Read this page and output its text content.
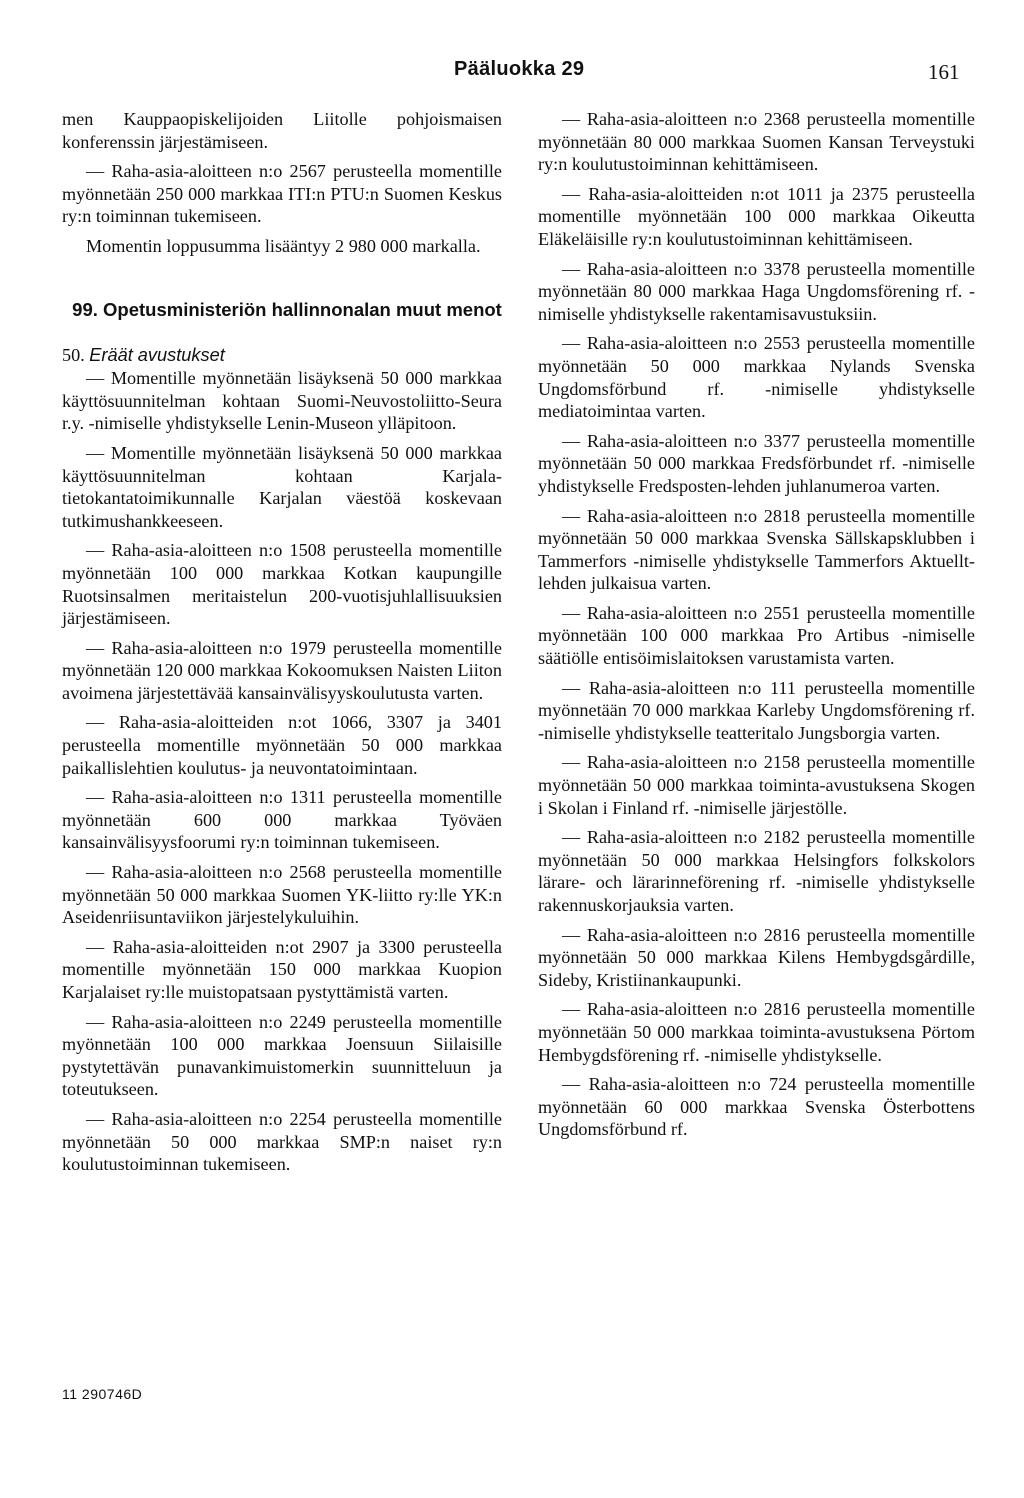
Pääluokka 29	161

men Kauppaopiskelijoiden Liitolle pohjoismaisen konferenssin järjestämiseen.

— Raha-asia-aloitteen n:o 2567 perusteella momentille myönnetään 250 000 markkaa ITI:n PTU:n Suomen Keskus ry:n toiminnan tukemiseen.

Momentin loppusumma lisääntyy 2 980 000 markalla.

99. Opetusministeriön hallinnonalan muut menot
50. Eräät avustukset

— Momentille myönnetään lisäyksenä 50 000 markkaa käyttösuunnitelman kohtaan Suomi-Neuvostoliitto-Seura r.y. -nimiselle yhdistykselle Lenin-Museon ylläpitoon.

— Momentille myönnetään lisäyksenä 50 000 markkaa käyttösuunnitelman kohtaan Karjala-tietokantatoimikunnalle Karjalan väestöä koskevaan tutkimushankkeeseen.

— Raha-asia-aloitteen n:o 1508 perusteella momentille myönnetään 100 000 markkaa Kotkan kaupungille Ruotsinsalmen meritaistelun 200-vuotisjuhlallisuuksien järjestämiseen.

— Raha-asia-aloitteen n:o 1979 perusteella momentille myönnetään 120 000 markkaa Kokoomuksen Naisten Liiton avoimena järjestettävää kansainvälisyyskoulutusta varten.

— Raha-asia-aloitteiden n:ot 1066, 3307 ja 3401 perusteella momentille myönnetään 50 000 markkaa paikallislehtien koulutus- ja neuvontatoimintaan.

— Raha-asia-aloitteen n:o 1311 perusteella momentille myönnetään 600 000 markkaa Työväen kansainvälisyysfoorumi ry:n toiminnan tukemiseen.

— Raha-asia-aloitteen n:o 2568 perusteella momentille myönnetään 50 000 markkaa Suomen YK-liitto ry:lle YK:n Aseidenriisuntaviikon järjestelykuluihin.

— Raha-asia-aloitteiden n:ot 2907 ja 3300 perusteella momentille myönnetään 150 000 markkaa Kuopion Karjalaiset ry:lle muistopatsaan pystyttämistä varten.

— Raha-asia-aloitteen n:o 2249 perusteella momentille myönnetään 100 000 markkaa Joensuun Siilaisille pystytettävän punavankimuistomerkin suunnitteluun ja toteutukseen.

— Raha-asia-aloitteen n:o 2254 perusteella momentille myönnetään 50 000 markkaa SMP:n naiset ry:n koulutustoiminnan tukemiseen.

— Raha-asia-aloitteen n:o 2368 perusteella momentille myönnetään 80 000 markkaa Suomen Kansan Terveystuki ry:n koulutustoiminnan kehittämiseen.

— Raha-asia-aloitteiden n:ot 1011 ja 2375 perusteella momentille myönnetään 100 000 markkaa Oikeutta Eläkeläisille ry:n koulutustoiminnan kehittämiseen.

— Raha-asia-aloitteen n:o 3378 perusteella momentille myönnetään 80 000 markkaa Haga Ungdomsförening rf. -nimiselle yhdistykselle rakentamisavustuksiin.

— Raha-asia-aloitteen n:o 2553 perusteella momentille myönnetään 50 000 markkaa Nylands Svenska Ungdomsförbund rf. -nimiselle yhdistykselle mediatoimintaa varten.

— Raha-asia-aloitteen n:o 3377 perusteella momentille myönnetään 50 000 markkaa Fredsförbundet rf. -nimiselle yhdistykselle Fredsposten-lehden juhlanumeroa varten.

— Raha-asia-aloitteen n:o 2818 perusteella momentille myönnetään 50 000 markkaa Svenska Sällskapsklubben i Tammerfors -nimiselle yhdistykselle Tammerfors Aktuellt-lehden julkaisua varten.

— Raha-asia-aloitteen n:o 2551 perusteella momentille myönnetään 100 000 markkaa Pro Artibus -nimiselle säätiölle entisöimislaitoksen varustamista varten.

— Raha-asia-aloitteen n:o 111 perusteella momentille myönnetään 70 000 markkaa Karleby Ungdomsförening rf. -nimiselle yhdistykselle teatteritalo Jungsborgia varten.

— Raha-asia-aloitteen n:o 2158 perusteella momentille myönnetään 50 000 markkaa toiminta-avustuksena Skogen i Skolan i Finland rf. -nimiselle järjestölle.

— Raha-asia-aloitteen n:o 2182 perusteella momentille myönnetään 50 000 markkaa Helsingfors folkskolors lärare- och lärarinneförening rf. -nimiselle yhdistykselle rakennuskorjauksia varten.

— Raha-asia-aloitteen n:o 2816 perusteella momentille myönnetään 50 000 markkaa Kilens Hembygdsgårdille, Sideby, Kristiinankaupunki.

— Raha-asia-aloitteen n:o 2816 perusteella momentille myönnetään 50 000 markkaa toiminta-avustuksena Pörtom Hembygdsförening rf. -nimiselle yhdistykselle.

— Raha-asia-aloitteen n:o 724 perusteella momentille myönnetään 60 000 markkaa Svenska Österbottens Ungdomsförbund rf.

11 290746D
